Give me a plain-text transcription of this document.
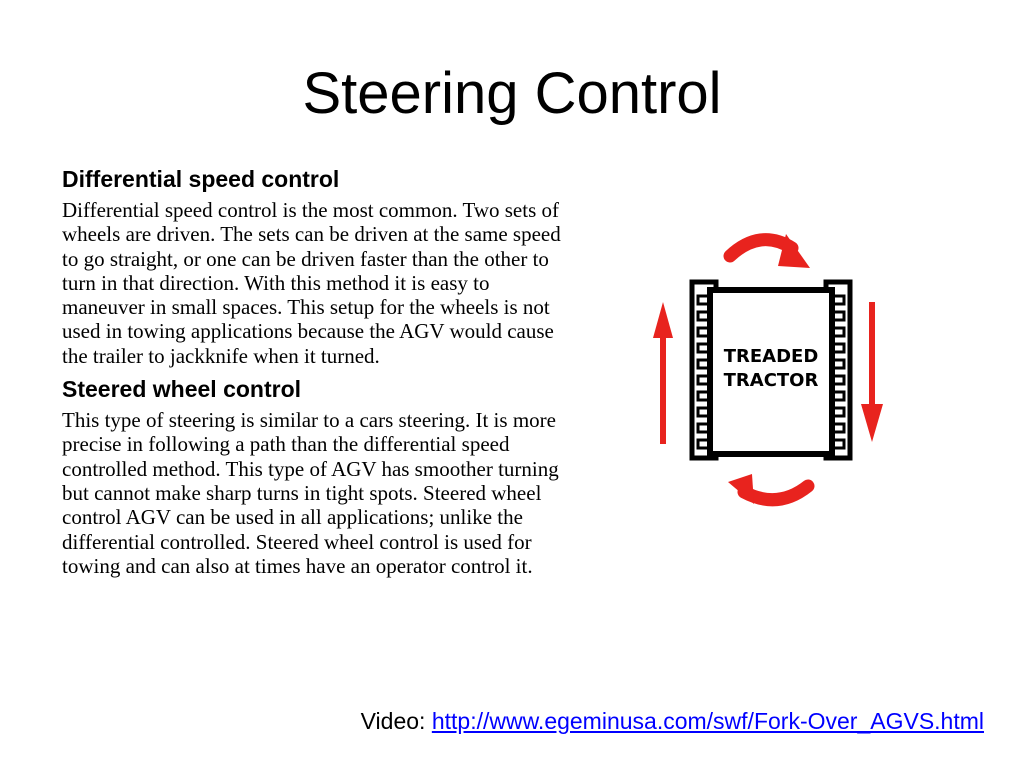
Steering Control
Differential speed control

Differential speed control is the most common. Two sets of wheels are driven. The sets can be driven at the same speed to go straight, or one can be driven faster than the other to turn in that direction. With this method it is easy to maneuver in small spaces. This setup for the wheels is not used in towing applications because the AGV would cause the trailer to jackknife when it turned.

Steered wheel control

This type of steering is similar to a cars steering. It is more precise in following a path than the differential speed controlled method. This type of AGV has smoother turning but cannot make sharp turns in tight spots. Steered wheel control AGV can be used in all applications; unlike the differential controlled. Steered wheel control is used for towing and can also at times have an operator control it.

TREADED
TRACTOR
Video: http://www.egeminusa.com/swf/Fork-Over_AGVS.html
